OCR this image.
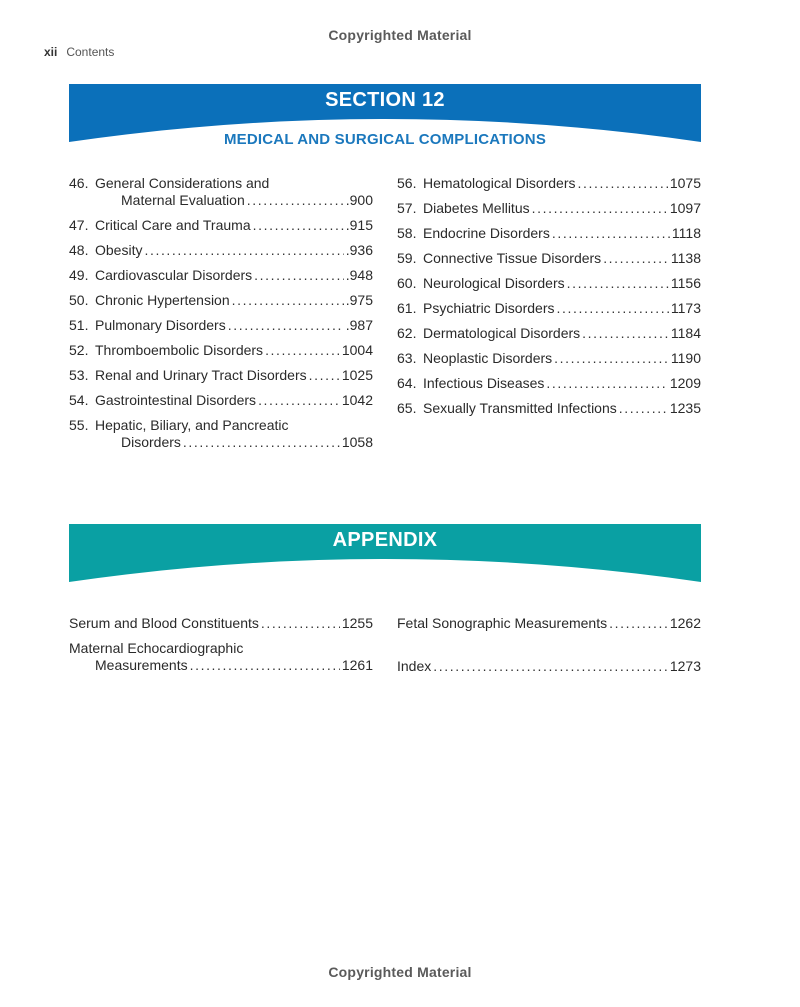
Copyrighted Material
xii Contents
SECTION 12
MEDICAL AND SURGICAL COMPLICATIONS
46. General Considerations and
Maternal Evaluation .....	.900
47. Critical Care and Trauma .....	.915
48. Obesity .....	.936
49. Cardiovascular Disorders .....	.948
50. Chronic Hypertension .....	.975
51. Pulmonary Disorders .....	.987
52. Thromboembolic Disorders .....	1004
53. Renal and Urinary Tract Disorders .....	1025
54. Gastrointestinal Disorders .....	1042
55. Hepatic, Biliary, and Pancreatic
Disorders .....	1058
56. Hematological Disorders .....	1075
57. Diabetes Mellitus .....	1097
58. Endocrine Disorders .....	1118
59. Connective Tissue Disorders .....	1138
60. Neurological Disorders .....	1156
61. Psychiatric Disorders .....	1173
62. Dermatological Disorders .....	1184
63. Neoplastic Disorders .....	1190
64. Infectious Diseases .....	1209
65. Sexually Transmitted Infections .....	1235
APPENDIX
Serum and Blood Constituents .....	1255
Maternal Echocardiographic
Measurements .....	1261
Fetal Sonographic Measurements .....	1262
Index .....	1273
Copyrighted Material
